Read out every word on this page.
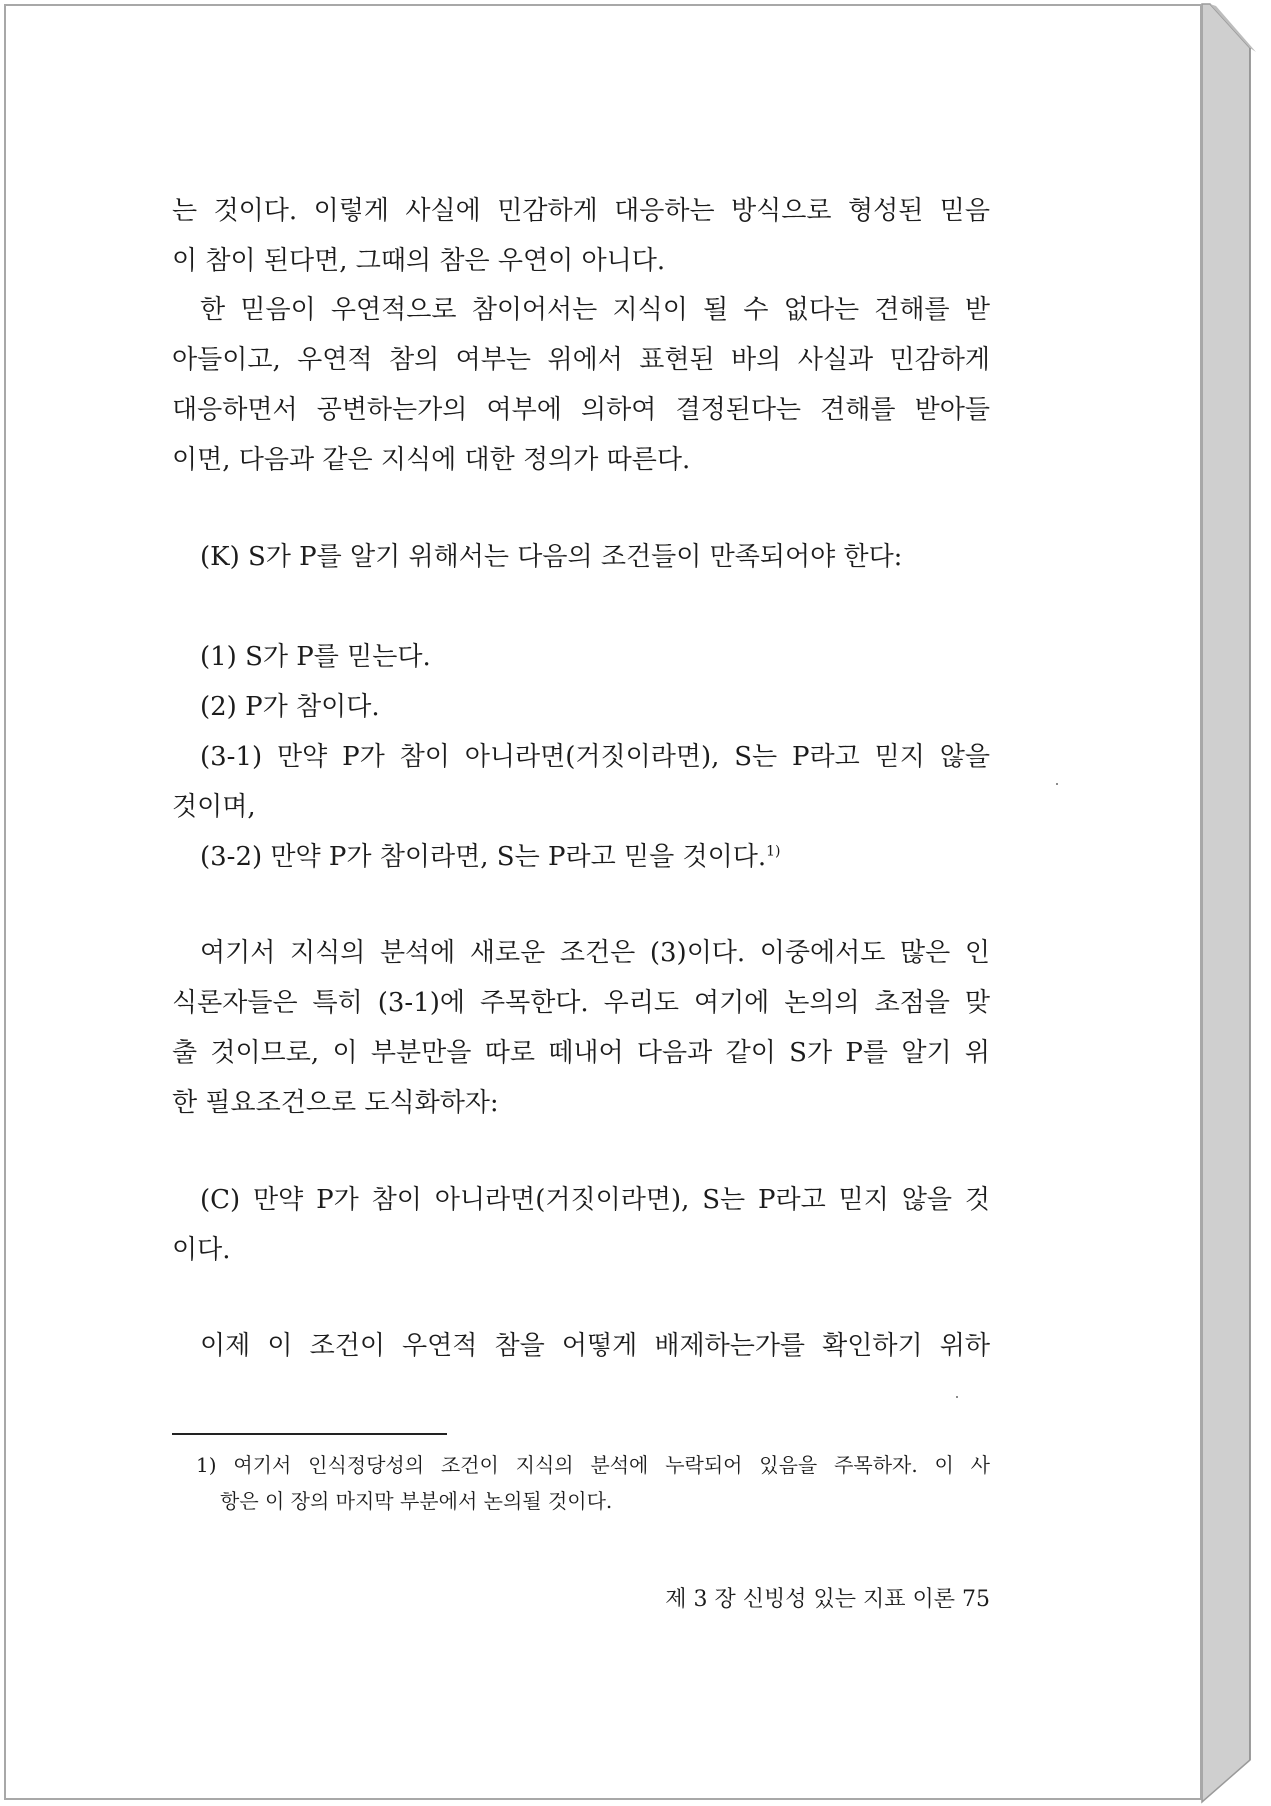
는 것이다. 이렇게 사실에 민감하게 대응하는 방식으로 형성된 믿음
이 참이 된다면, 그때의 참은 우연이 아니다.
한 믿음이 우연적으로 참이어서는 지식이 될 수 없다는 견해를 받
아들이고, 우연적 참의 여부는 위에서 표현된 바의 사실과 민감하게
대응하면서 공변하는가의 여부에 의하여 결정된다는 견해를 받아들
이면, 다음과 같은 지식에 대한 정의가 따른다.
(K) S가 P를 알기 위해서는 다음의 조건들이 만족되어야 한다:
(1) S가 P를 믿는다.
(2) P가 참이다.
(3-1) 만약 P가 참이 아니라면(거짓이라면), S는 P라고 믿지 않을
것이며,
(3-2) 만약 P가 참이라면, S는 P라고 믿을 것이다.$^{1)}$
여기서 지식의 분석에 새로운 조건은 (3)이다. 이중에서도 많은 인
식론자들은 특히 (3-1)에 주목한다. 우리도 여기에 논의의 초점을 맞
출 것이므로, 이 부분만을 따로 떼내어 다음과 같이 S가 P를 알기 위
한 필요조건으로 도식화하자:
(C) 만약 P가 참이 아니라면(거짓이라면), S는 P라고 믿지 않을 것
이다.
이제 이 조건이 우연적 참을 어떻게 배제하는가를 확인하기 위하
1) 여기서 인식정당성의 조건이 지식의 분석에 누락되어 있음을 주목하자. 이 사
항은 이 장의 마지막 부분에서 논의될 것이다.
제 3 장 신빙성 있는 지표 이론 75
